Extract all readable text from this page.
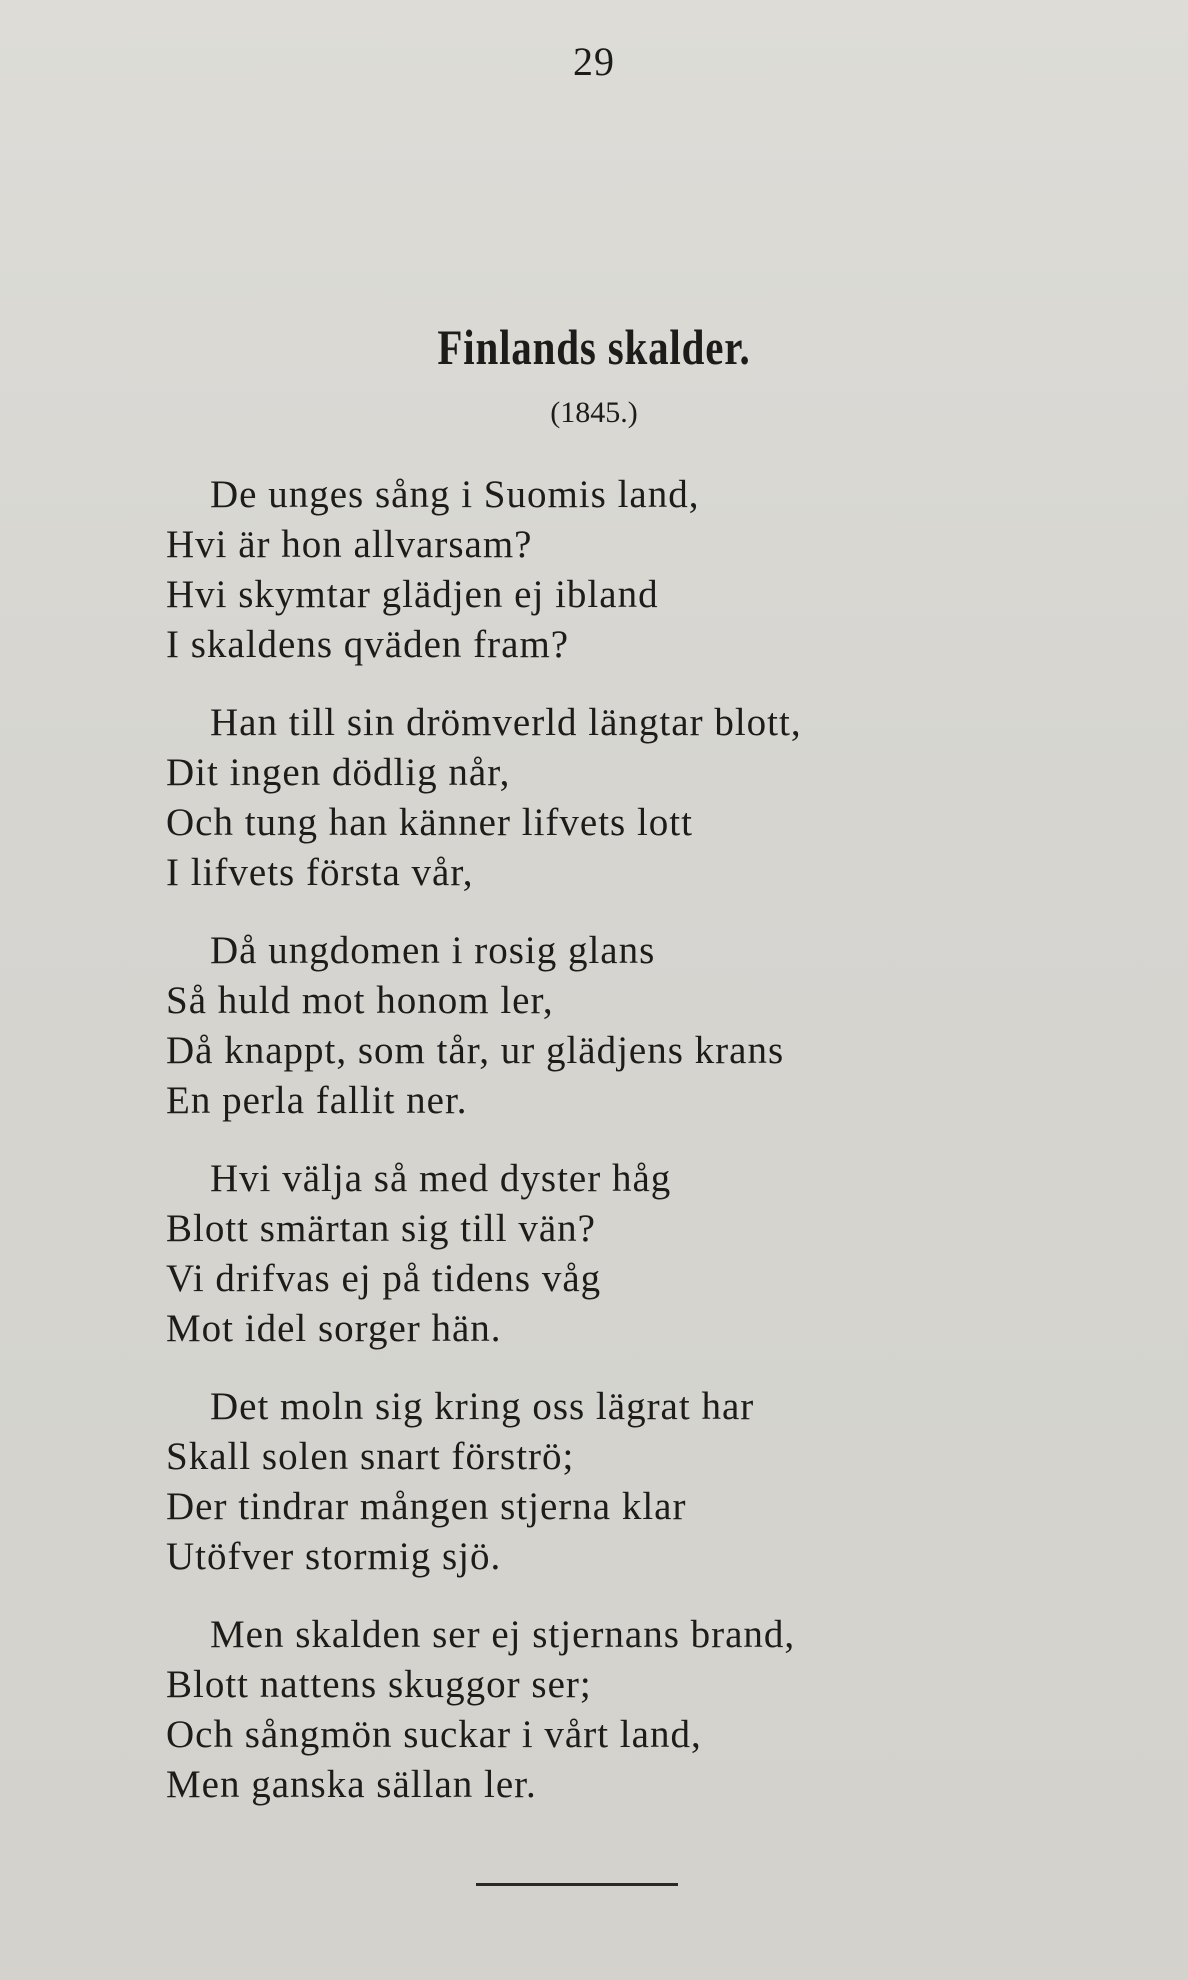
29
Finlands skalder.
(1845.)
De unges sång i Suomis land,
Hvi är hon allvarsam?
Hvi skymtar glädjen ej ibland
I skaldens qväden fram?
Han till sin drömverld längtar blott,
Dit ingen dödlig når,
Och tung han känner lifvets lott
I lifvets första vår,
Då ungdomen i rosig glans
Så huld mot honom ler,
Då knappt, som tår, ur glädjens krans
En perla fallit ner.
Hvi välja så med dyster håg
Blott smärtan sig till vän?
Vi drifvas ej på tidens våg
Mot idel sorger hän.
Det moln sig kring oss lägrat har
Skall solen snart förströ;
Der tindrar mången stjerna klar
Utöfver stormig sjö.
Men skalden ser ej stjernans brand,
Blott nattens skuggor ser;
Och sångmön suckar i vårt land,
Men ganska sällan ler.
